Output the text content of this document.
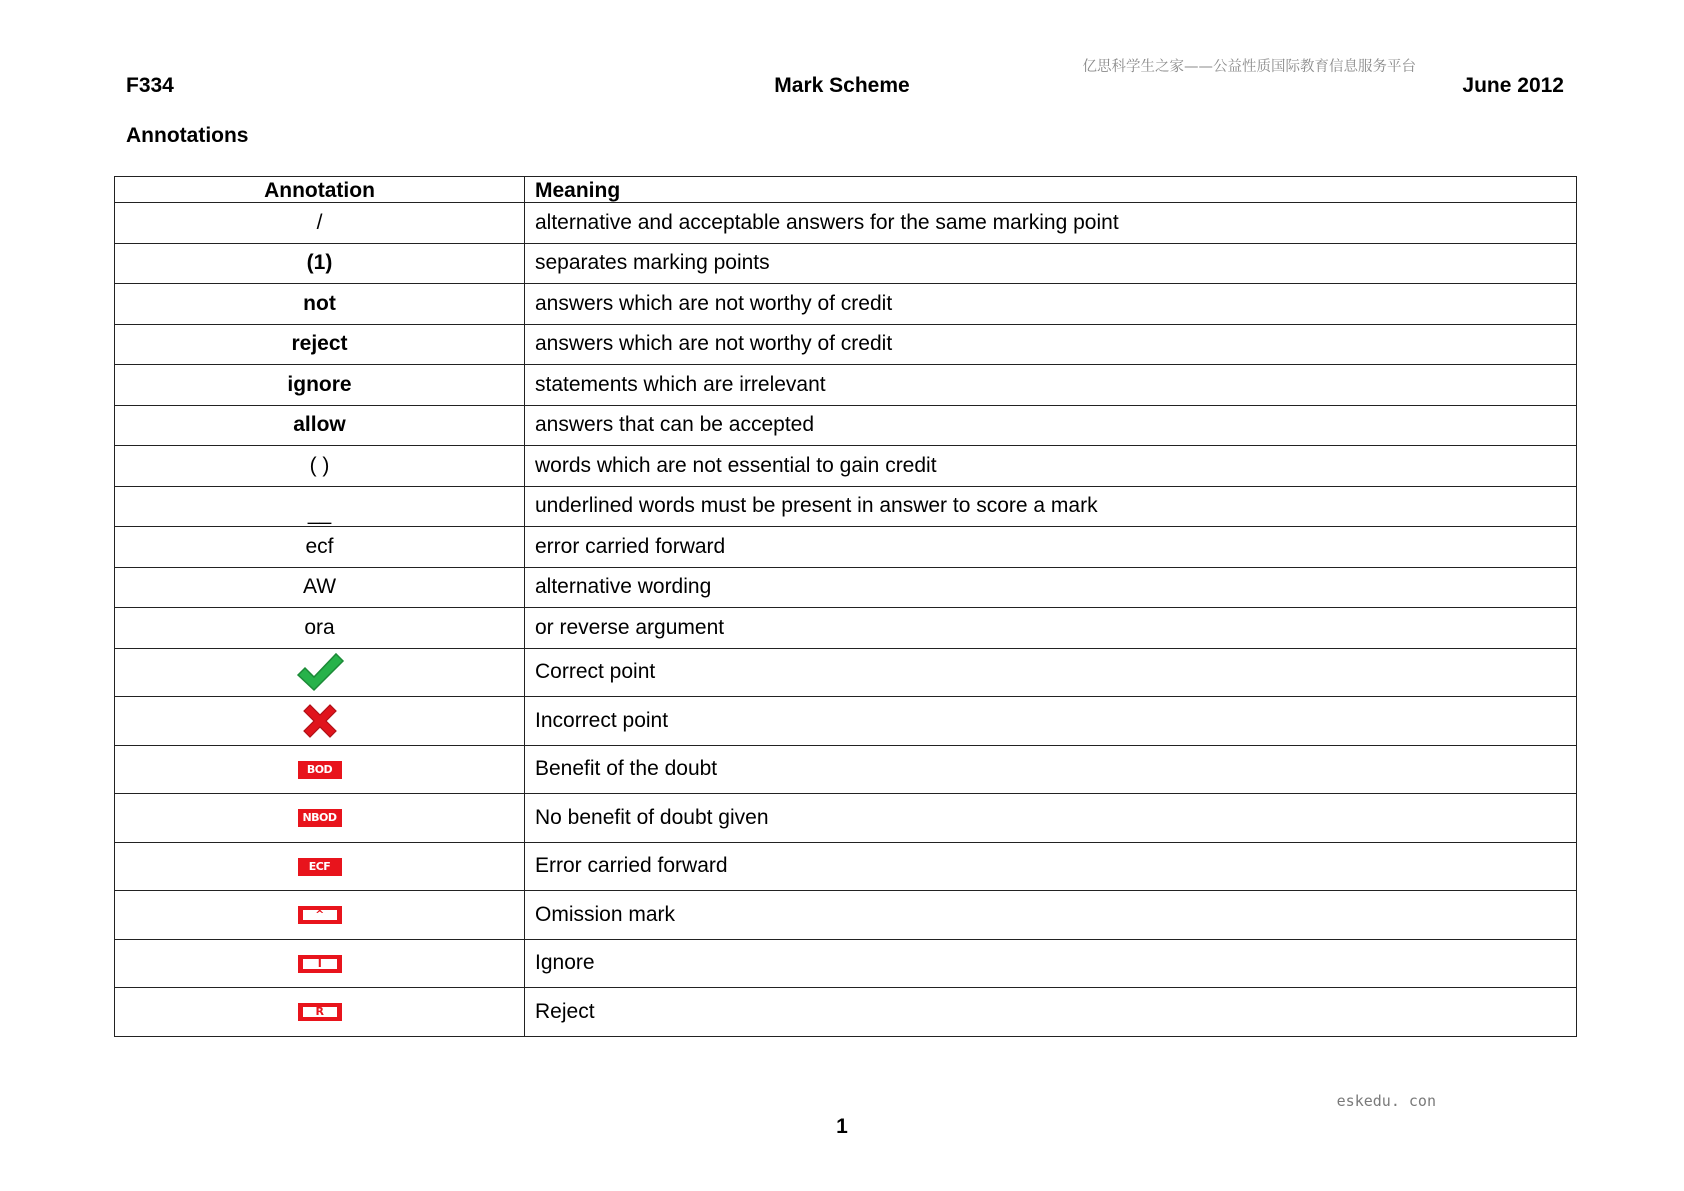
亿思科学生之家——公益性质国际教育信息服务平台
F334	Mark Scheme	June 2012
Annotations
Annotation	Meaning
/	alternative and acceptable answers for the same marking point
(1)	separates marking points
not	answers which are not worthy of credit
reject	answers which are not worthy of credit
ignore	statements which are irrelevant
allow	answers that can be accepted
( )	words which are not essential to gain credit
__	underlined words must be present in answer to score a mark
ecf	error carried forward
AW	alternative wording
ora	or reverse argument
	Correct point
	Incorrect point

BOD	Benefit of the doubt

NBOD	No benefit of doubt given

ECF	Error carried forward

^	Omission mark

I	Ignore

R	Reject
eskedu. con
1
